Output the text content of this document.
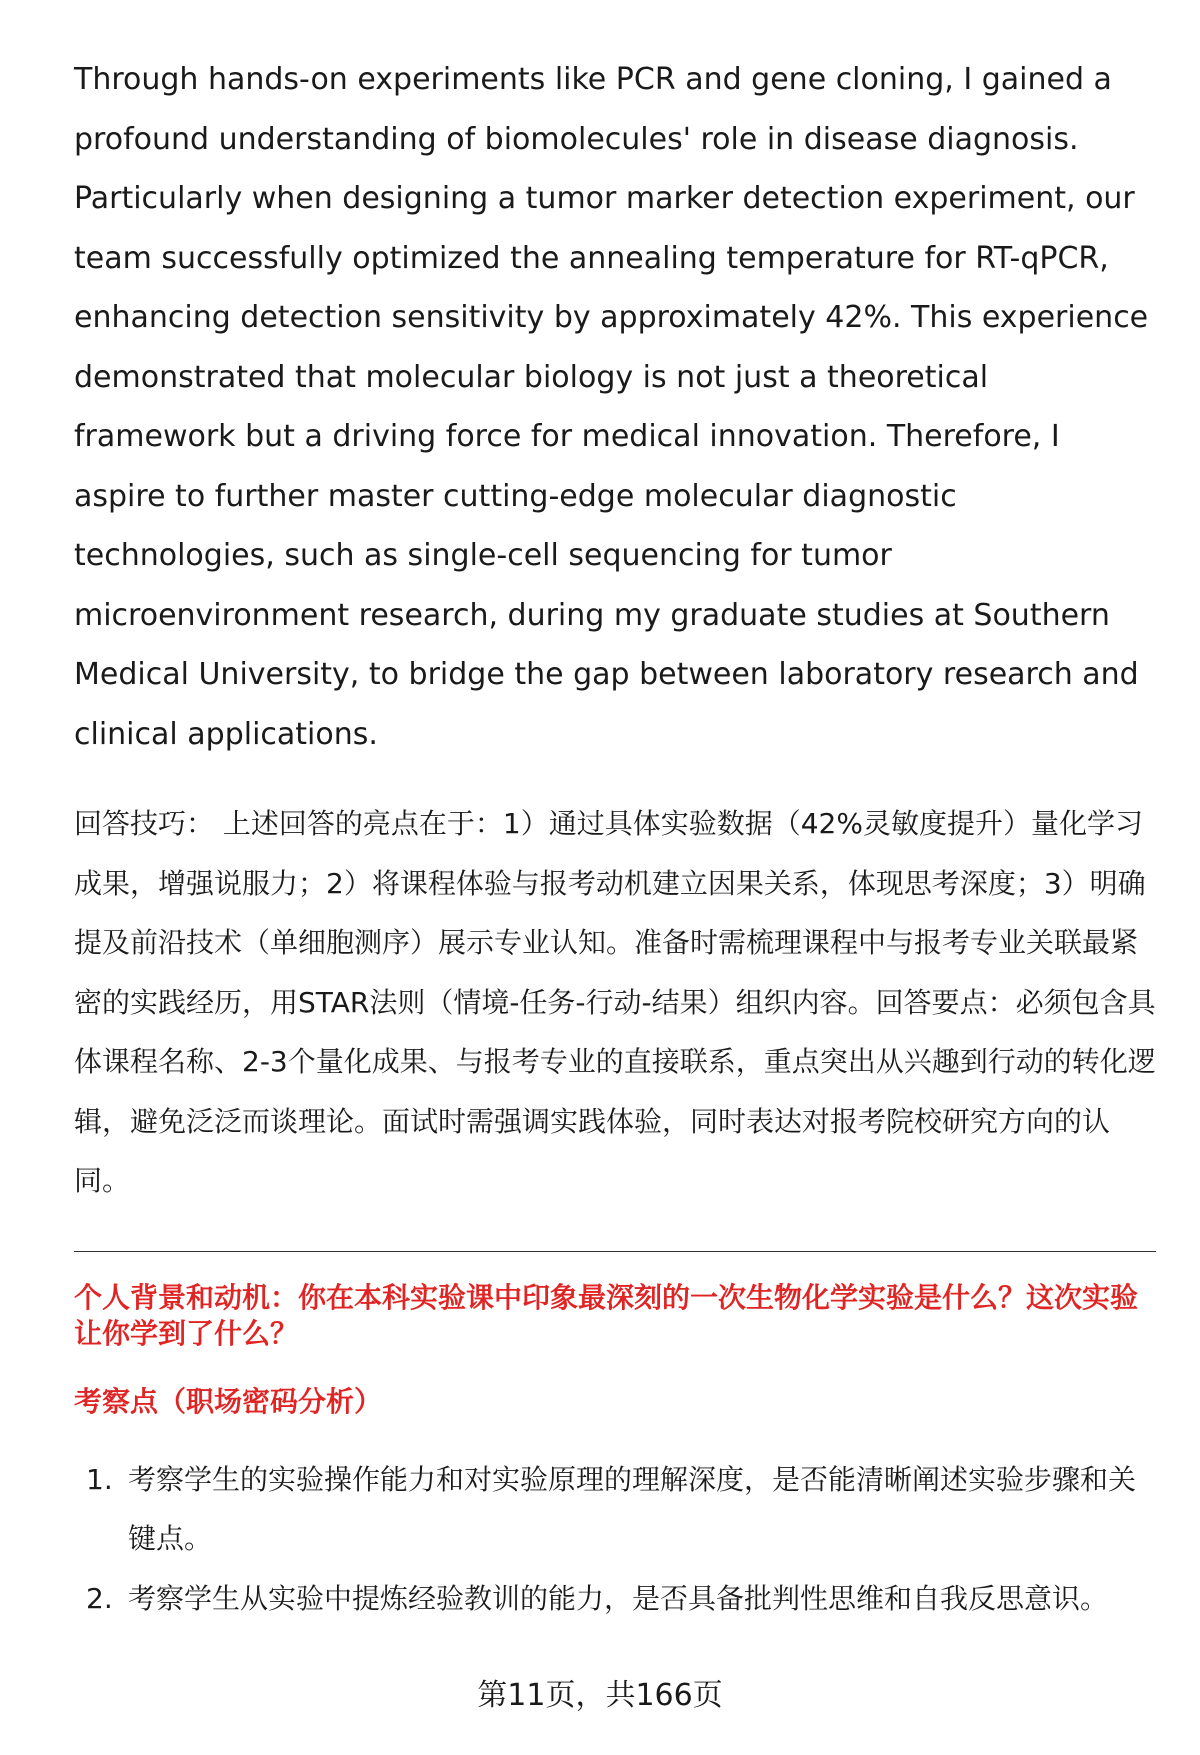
Through hands-on experiments like PCR and gene cloning, I gained a profound understanding of biomolecules' role in disease diagnosis. Particularly when designing a tumor marker detection experiment, our team successfully optimized the annealing temperature for RT-qPCR, enhancing detection sensitivity by approximately 42%. This experience demonstrated that molecular biology is not just a theoretical framework but a driving force for medical innovation. Therefore, I aspire to further master cutting-edge molecular diagnostic technologies, such as single-cell sequencing for tumor microenvironment research, during my graduate studies at Southern Medical University, to bridge the gap between laboratory research and clinical applications.

回答技巧： 上述回答的亮点在于：1）通过具体实验数据（42%灵敏度提升）量化学习成果，增强说服力；2）将课程体验与报考动机建立因果关系，体现思考深度；3）明确提及前沿技术（单细胞测序）展示专业认知。准备时需梳理课程中与报考专业关联最紧密的实践经历，用STAR法则（情境-任务-行动-结果）组织内容。回答要点：必须包含具体课程名称、2-3个量化成果、与报考专业的直接联系，重点突出从兴趣到行动的转化逻辑，避免泛泛而谈理论。面试时需强调实践体验，同时表达对报考院校研究方向的认同。

个人背景和动机：你在本科实验课中印象最深刻的一次生物化学实验是什么？这次实验让你学到了什么？

考察点（职场密码分析）

1. 考察学生的实验操作能力和对实验原理的理解深度，是否能清晰阐述实验步骤和关键点。
2. 考察学生从实验中提炼经验教训的能力，是否具备批判性思维和自我反思意识。
第11页，共166页
